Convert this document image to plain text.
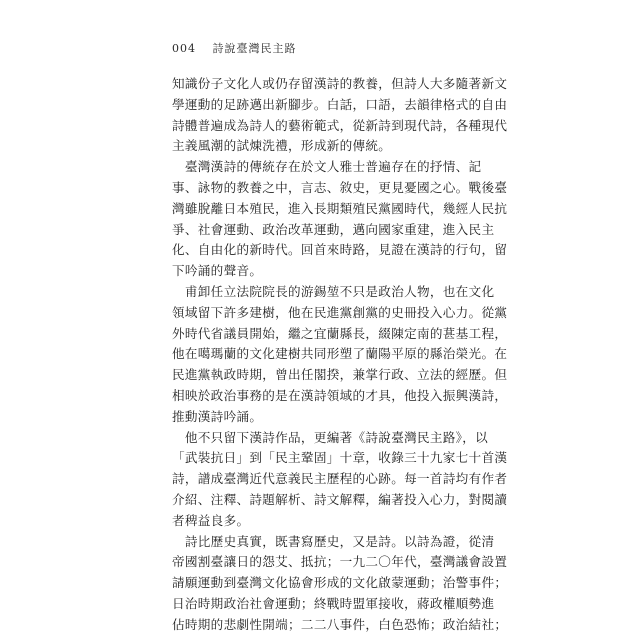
004 詩說臺灣民主路
知識份子文化人或仍存留漢詩的教養，但詩人大多隨著新文
學運動的足跡邁出新腳步。白話，口語，去韻律格式的自由
詩體普遍成為詩人的藝術範式，從新詩到現代詩，各種現代
主義風潮的試煉洗禮，形成新的傳統。
　臺灣漢詩的傳統存在於文人雅士普遍存在的抒情、記
事、詠物的教養之中，言志、敘史，更見憂國之心。戰後臺
灣雖脫離日本殖民，進入長期類殖民黨國時代，幾經人民抗
爭、社會運動、政治改革運動，邁向國家重建，進入民主
化、自由化的新時代。回首來時路，見證在漢詩的行句，留
下吟誦的聲音。
　甫卸任立法院院長的游錫堃不只是政治人物，也在文化
領域留下許多建樹，他在民進黨創黨的史冊投入心力。從黨
外時代省議員開始，繼之宜蘭縣長，綴陳定南的葚基工程，
他在噶瑪蘭的文化建樹共同形塑了蘭陽平原的縣治榮光。在
民進黨執政時期，曾出任閣揆，兼掌行政、立法的經歷。但
相映於政治事務的是在漢詩領域的才具，他投入振興漢詩，
推動漢詩吟誦。
　他不只留下漢詩作品，更編著《詩說臺灣民主路》，以
「武裝抗日」到「民主鞏固」十章，收錄三十九家七十首漢
詩，譜成臺灣近代意義民主歷程的心跡。每一首詩均有作者
介紹、注釋、詩題解析、詩文解釋，編著投入心力，對閱讀
者稗益良多。
　詩比歷史真實，既書寫歷史，又是詩。以詩為證，從清
帝國割臺讓日的怨艾、抵抗；一九二〇年代，臺灣議會設置
請願運動到臺灣文化協會形成的文化啟蒙運動；治警事件；
日治時期政治社會運動；終戰時盟軍接收，蔣政權順勢進
佔時期的悲劇性開端；二二八事件，白色恐怖；政治結社；
